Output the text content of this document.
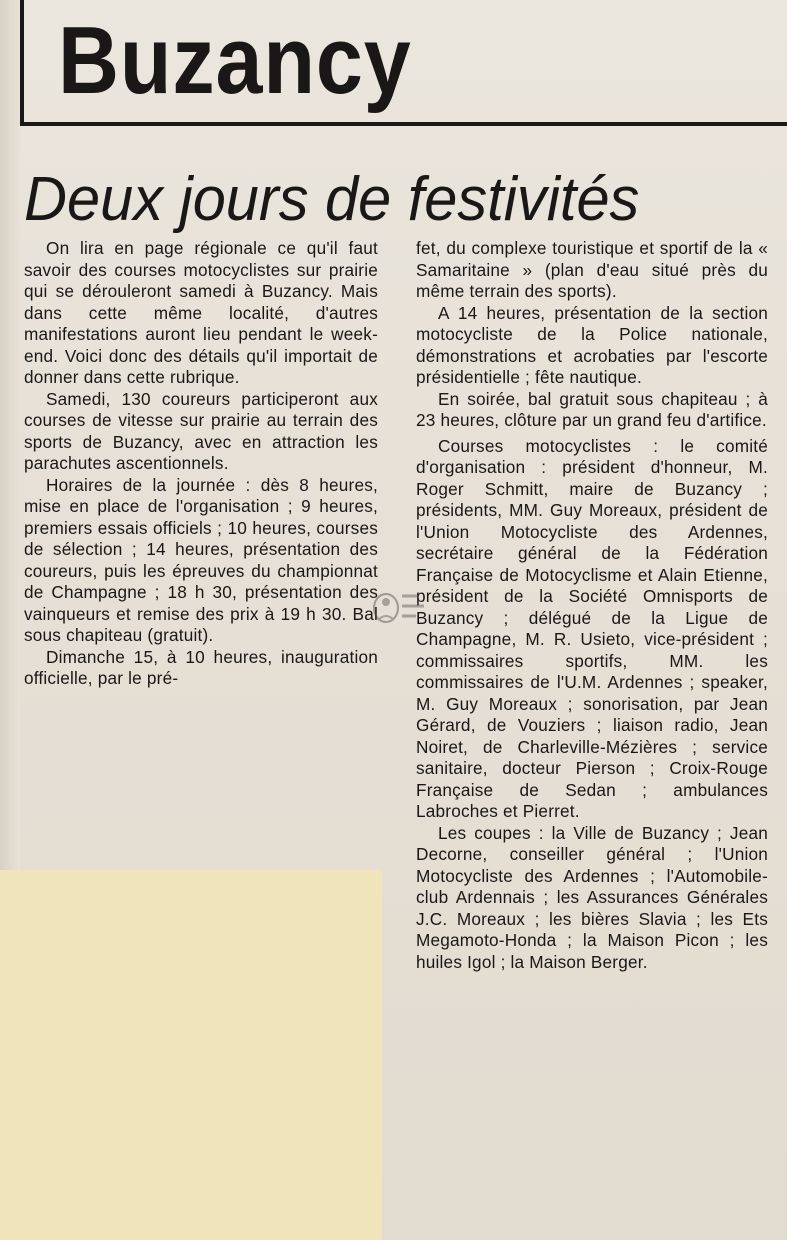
Buzancy
Deux jours de festivités

On lira en page régionale ce qu'il faut savoir des courses motocyclistes sur prairie qui se dérouleront samedi à Buzancy. Mais dans cette même localité, d'autres manifestations auront lieu pendant le week-end. Voici donc des détails qu'il importait de donner dans cette rubrique.

Samedi, 130 coureurs participeront aux courses de vitesse sur prairie au terrain des sports de Buzancy, avec en attraction les parachutes ascentionnels.

Horaires de la journée : dès 8 heures, mise en place de l'organisation ; 9 heures, premiers essais officiels ; 10 heures, courses de sélection ; 14 heures, présentation des coureurs, puis les épreuves du championnat de Champagne ; 18 h 30, présentation des vainqueurs et remise des prix à 19 h 30. Bal sous chapiteau (gratuit).

Dimanche 15, à 10 heures, inauguration officielle, par le pré-

fet, du complexe touristique et sportif de la « Samaritaine » (plan d'eau situé près du même terrain des sports).

A 14 heures, présentation de la section motocycliste de la Police nationale, démonstrations et acrobaties par l'escorte présidentielle ; fête nautique.

En soirée, bal gratuit sous chapiteau ; à 23 heures, clôture par un grand feu d'artifice.

Courses motocyclistes : le comité d'organisation : président d'honneur, M. Roger Schmitt, maire de Buzancy ; présidents, MM. Guy Moreaux, président de l'Union Motocycliste des Ardennes, secrétaire général de la Fédération Française de Motocyclisme et Alain Etienne, président de la Société Omnisports de Buzancy ; délégué de la Ligue de Champagne, M. R. Usieto, vice-président ; commissaires sportifs, MM. les commissaires de l'U.M. Ardennes ; speaker, M. Guy Moreaux ; sonorisation, par Jean Gérard, de Vouziers ; liaison radio, Jean Noiret, de Charleville-Mézières ; service sanitaire, docteur Pierson ; Croix-Rouge Française de Sedan ; ambulances Labroches et Pierret.

Les coupes : la Ville de Buzancy ; Jean Decorne, conseiller général ; l'Union Motocycliste des Ardennes ; l'Automobile-club Ardennais ; les Assurances Générales J.C. Moreaux ; les bières Slavia ; les Ets Megamoto-Honda ; la Maison Picon ; les huiles Igol ; la Maison Berger.
